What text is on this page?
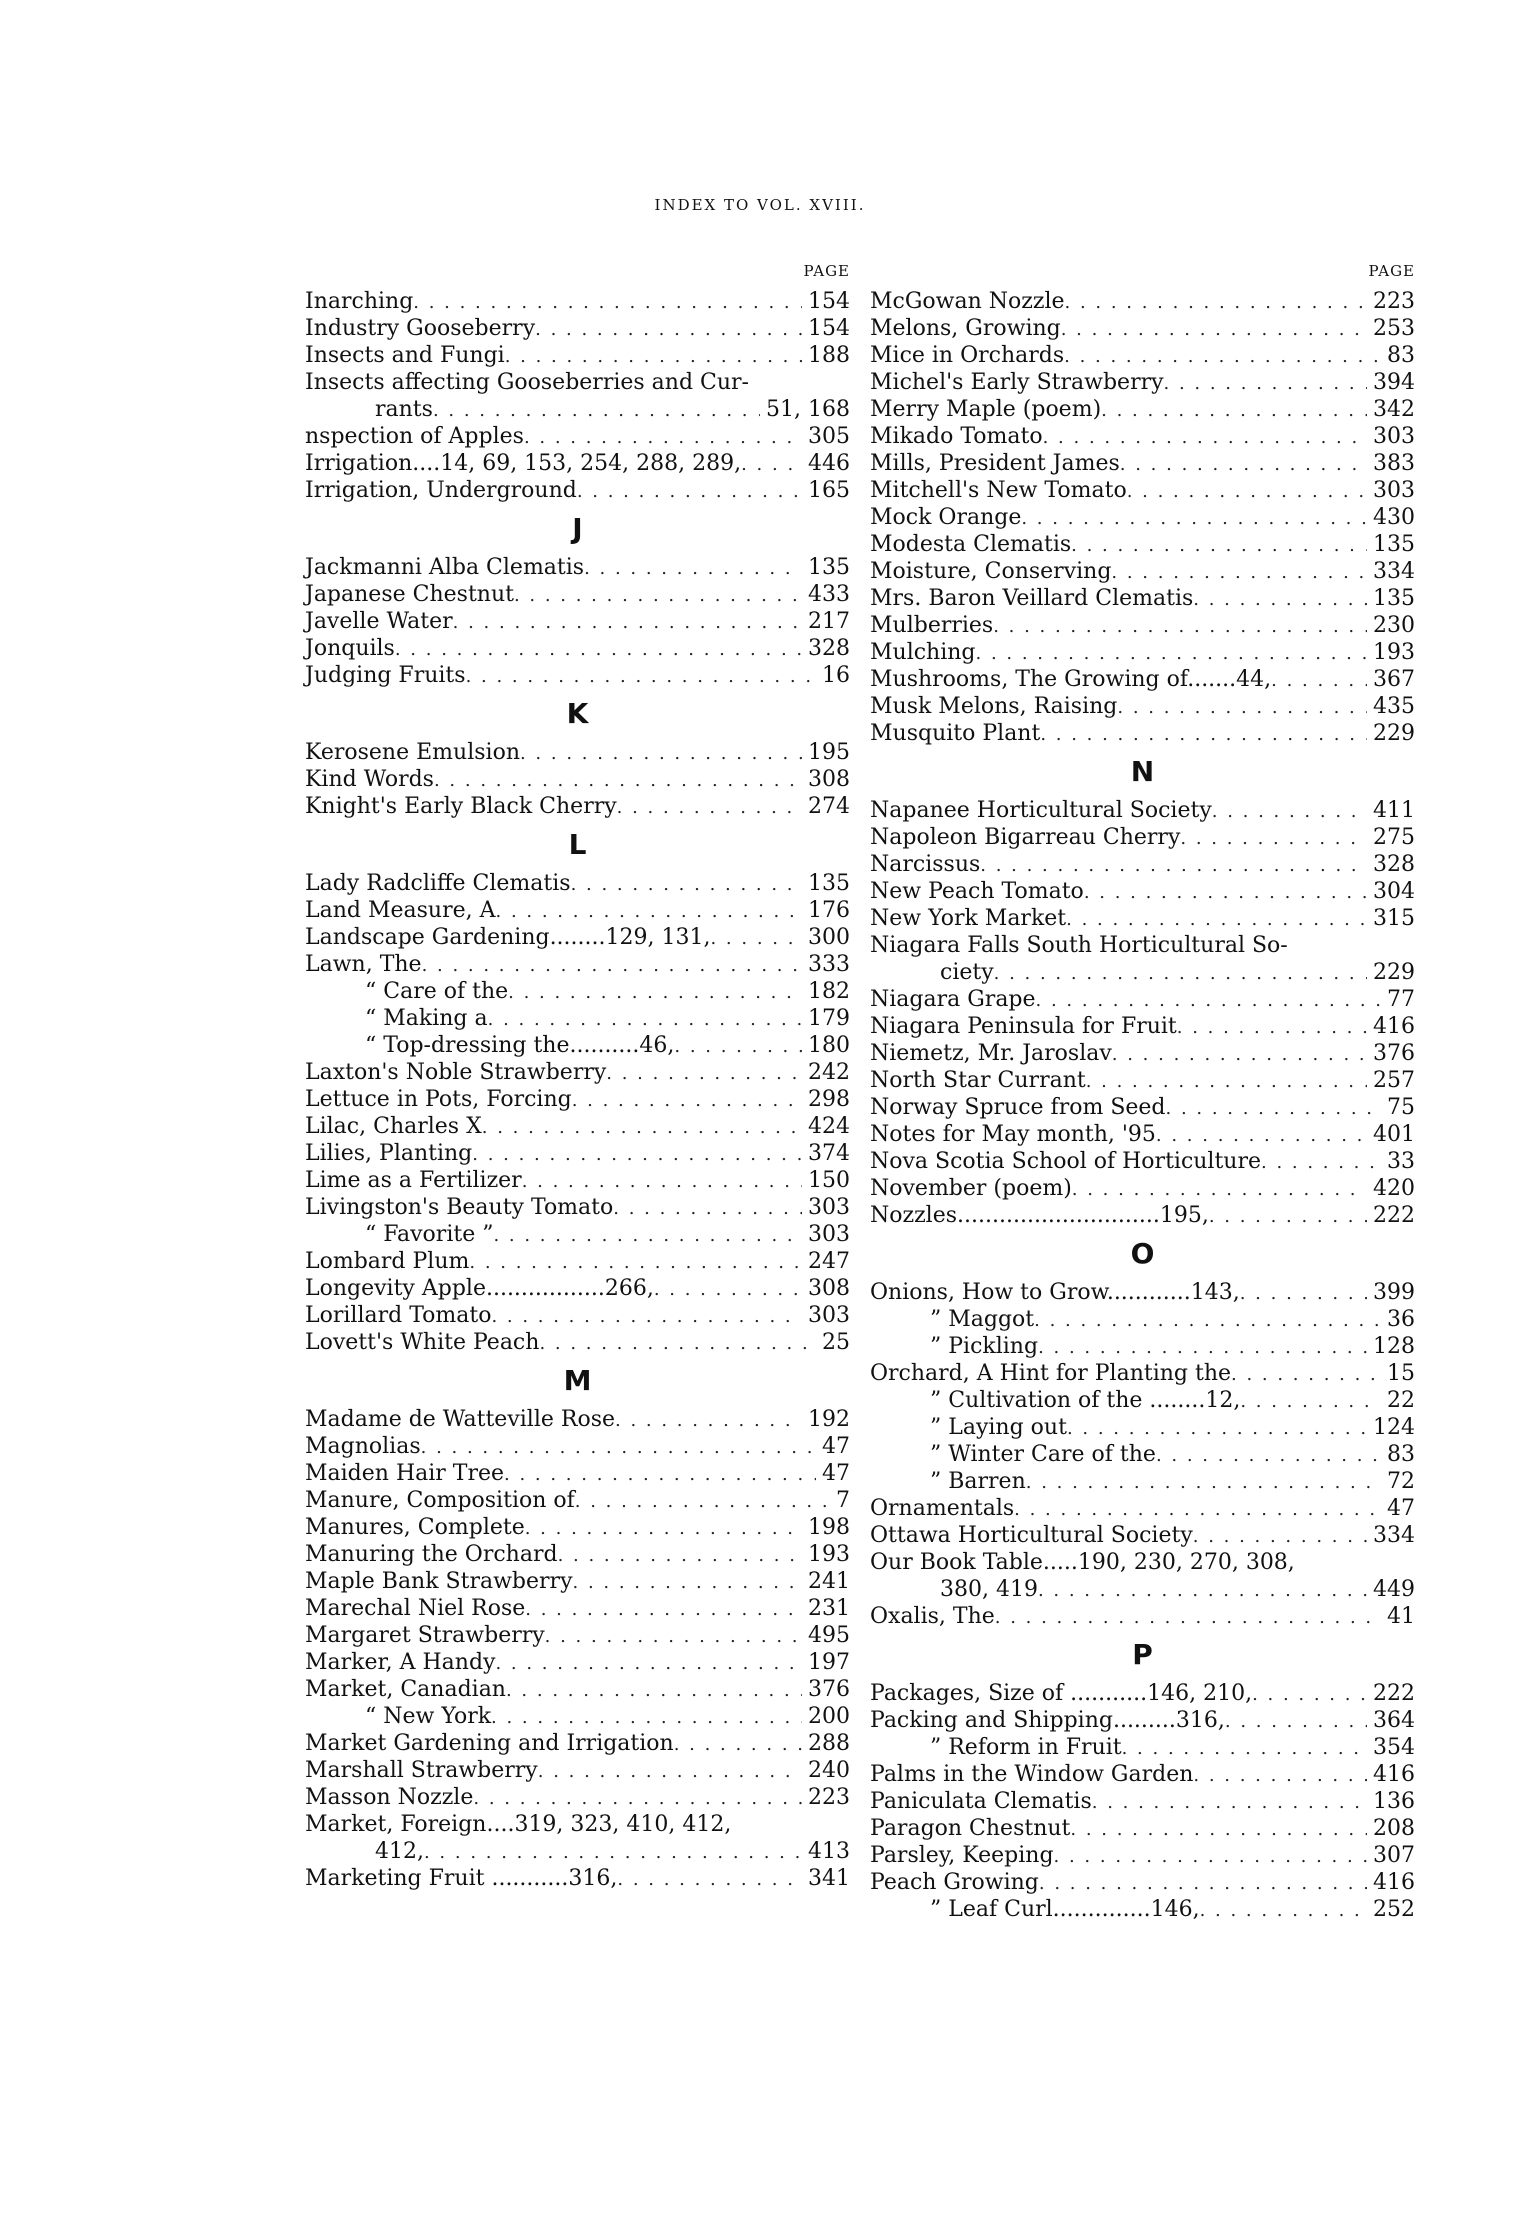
INDEX TO VOL. XVIII.
PAGE
Inarching . . .	154
Industry Gooseberry . . .	154
Insects and Fungi . . .	188
Insects affecting Gooseberries and Cur-
rants . . .	51, 168
nspection of Apples . . .	305
Irrigation....14, 69, 153, 254, 288, 289, . . .	446
Irrigation, Underground . . .	165
J
Jackmanni Alba Clematis . . .	135
Japanese Chestnut . . .	433
Javelle Water . . .	217
Jonquils . . .	328
Judging Fruits . . .	16
K
Kerosene Emulsion . . .	195
Kind Words . . .	308
Knight's Early Black Cherry . . .	274
L
Lady Radcliffe Clematis . . .	135
Land Measure, A . . .	176
Landscape Gardening........129, 131, . . .	300
Lawn, The . . .	333
“ Care of the . . .	182
“ Making a . . .	179
“ Top-dressing the..........46, . . .	180
Laxton's Noble Strawberry . . .	242
Lettuce in Pots, Forcing . . .	298
Lilac, Charles X . . .	424
Lilies, Planting . . .	374
Lime as a Fertilizer . . .	150
Livingston's Beauty Tomato . . .	303
“ Favorite ” . . .	303
Lombard Plum . . .	247
Longevity Apple.................266, . . .	308
Lorillard Tomato . . .	303
Lovett's White Peach . . .	25
M
Madame de Watteville Rose . . .	192
Magnolias . . .	47
Maiden Hair Tree . . .	47
Manure, Composition of . . .	7
Manures, Complete . . .	198
Manuring the Orchard . . .	193
Maple Bank Strawberry . . .	241
Marechal Niel Rose . . .	231
Margaret Strawberry . . .	495
Marker, A Handy . . .	197
Market, Canadian . . .	376
“ New York . . .	200
Market Gardening and Irrigation . . .	288
Marshall Strawberry . . .	240
Masson Nozzle . . .	223
Market, Foreign....319, 323, 410, 412,
412, . . .	413
Marketing Fruit ...........316, . . .	341
PAGE
McGowan Nozzle . . .	223
Melons, Growing . . .	253
Mice in Orchards . . .	83
Michel's Early Strawberry . . .	394
Merry Maple (poem) . . .	342
Mikado Tomato . . .	303
Mills, President James . . .	383
Mitchell's New Tomato . . .	303
Mock Orange . . .	430
Modesta Clematis . . .	135
Moisture, Conserving . . .	334
Mrs. Baron Veillard Clematis . . .	135
Mulberries . . .	230
Mulching . . .	193
Mushrooms, The Growing of.......44, . . .	367
Musk Melons, Raising . . .	435
Musquito Plant . . .	229
N
Napanee Horticultural Society . . .	411
Napoleon Bigarreau Cherry . . .	275
Narcissus . . .	328
New Peach Tomato . . .	304
New York Market . . .	315
Niagara Falls South Horticultural So-
ciety . . .	229
Niagara Grape . . .	77
Niagara Peninsula for Fruit . . .	416
Niemetz, Mr. Jaroslav . . .	376
North Star Currant . . .	257
Norway Spruce from Seed . . .	75
Notes for May month, '95 . . .	401
Nova Scotia School of Horticulture . . .	33
November (poem) . . .	420
Nozzles.............................195, . . .	222
O
Onions, How to Grow............143, . . .	399
” Maggot . . .	36
” Pickling . . .	128
Orchard, A Hint for Planting the . . .	15
” Cultivation of the ........12, . . .	22
” Laying out . . .	124
” Winter Care of the . . .	83
” Barren . . .	72
Ornamentals . . .	47
Ottawa Horticultural Society . . .	334
Our Book Table.....190, 230, 270, 308,
380, 419 . . .	449
Oxalis, The . . .	41
P
Packages, Size of ...........146, 210, . . .	222
Packing and Shipping.........316, . . .	364
” Reform in Fruit . . .	354
Palms in the Window Garden . . .	416
Paniculata Clematis . . .	136
Paragon Chestnut . . .	208
Parsley, Keeping . . .	307
Peach Growing . . .	416
” Leaf Curl..............146, . . .	252
